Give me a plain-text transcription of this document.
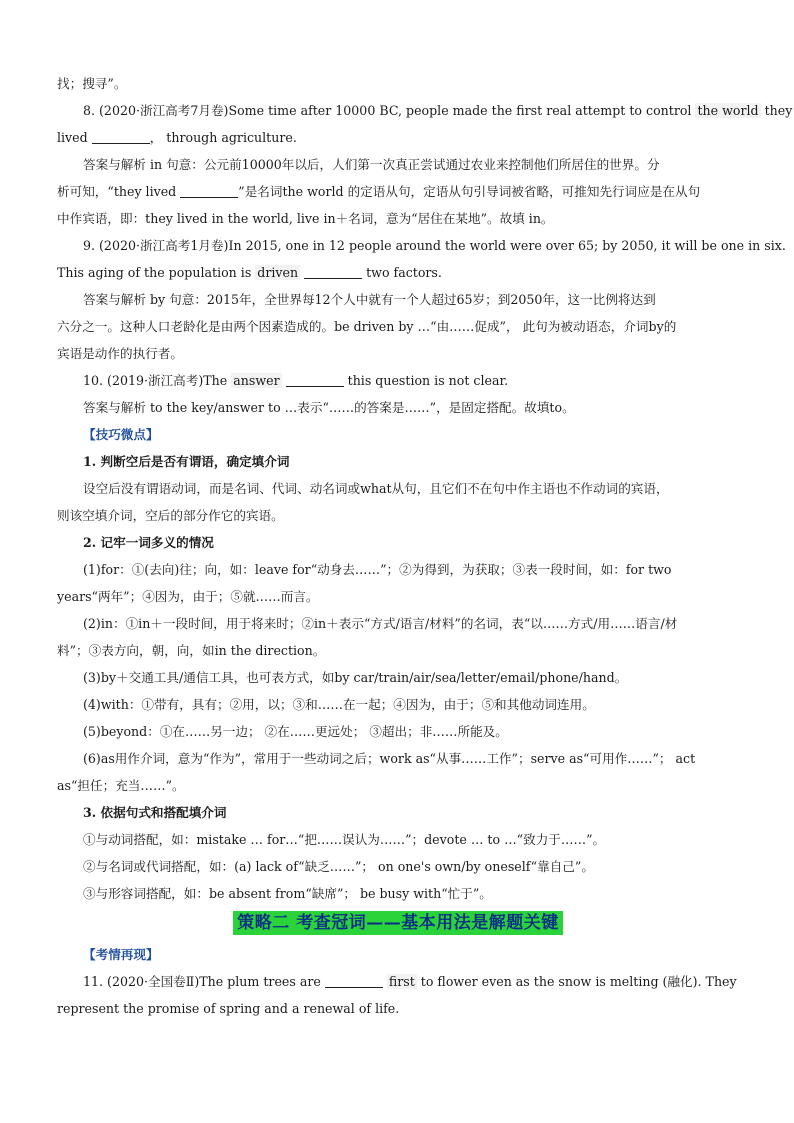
找；搜寻”。

8. (2020·浙江高考7月卷)Some time after 10000 BC, people made the first real attempt to control the world they

lived	， through agriculture.

答案与解析 in 句意：公元前10000年以后，人们第一次真正尝试通过农业来控制他们所居住的世界。分

析可知，“they lived	”是名词the world 的定语从句，定语从句引导词被省略，可推知先行词应是在从句

中作宾语，即：they lived in the world, live in＋名词，意为“居住在某地”。故填 in。

9. (2020·浙江高考1月卷)In 2015, one in 12 people around the world were over 65; by 2050, it will be one in six.

This aging of the population is driven	two factors.

答案与解析 by 句意：2015年，全世界每12个人中就有一个人超过65岁；到2050年，这一比例将达到

六分之一。这种人口老龄化是由两个因素造成的。be driven by …“由……促成”， 此句为被动语态，介词by的

宾语是动作的执行者。

10. (2019·浙江高考)The answer	this question is not clear.

答案与解析 to the key/answer to …表示“……的答案是……”，是固定搭配。故填to。

【技巧微点】

1. 判断空后是否有谓语，确定填介词

设空后没有谓语动词，而是名词、代词、动名词或what从句，且它们不在句中作主语也不作动词的宾语，

则该空填介词，空后的部分作它的宾语。

2. 记牢一词多义的情况

(1)for：①(去向)往；向，如：leave for“动身去……”；②为得到，为获取；③表一段时间，如：for two

years“两年”；④因为，由于；⑤就……而言。

(2)in：①in＋一段时间，用于将来时；②in＋表示“方式/语言/材料”的名词，表“以……方式/用……语言/材

料”；③表方向，朝，向，如in the direction。

(3)by＋交通工具/通信工具，也可表方式，如by car/train/air/sea/letter/email/phone/hand。

(4)with：①带有，具有；②用，以；③和……在一起；④因为，由于；⑤和其他动词连用。

(5)beyond：①在……另一边； ②在……更远处； ③超出；非……所能及。

(6)as用作介词，意为“作为”，常用于一些动词之后；work as“从事……工作”；serve as“可用作……”； act

as“担任；充当……”。

3. 依据句式和搭配填介词

①与动词搭配，如：mistake … for…“把……误认为……”；devote … to …“致力于……”。

②与名词或代词搭配，如：(a) lack of“缺乏……”； on one's own/by oneself“靠自己”。

③与形容词搭配，如：be absent from“缺席”； be busy with“忙于”。

策略二 考查冠词——基本用法是解题关键

【考情再现】

11. (2020·全国卷Ⅱ)The plum trees are	first to flower even as the snow is melting (融化). They

represent the promise of spring and a renewal of life.
